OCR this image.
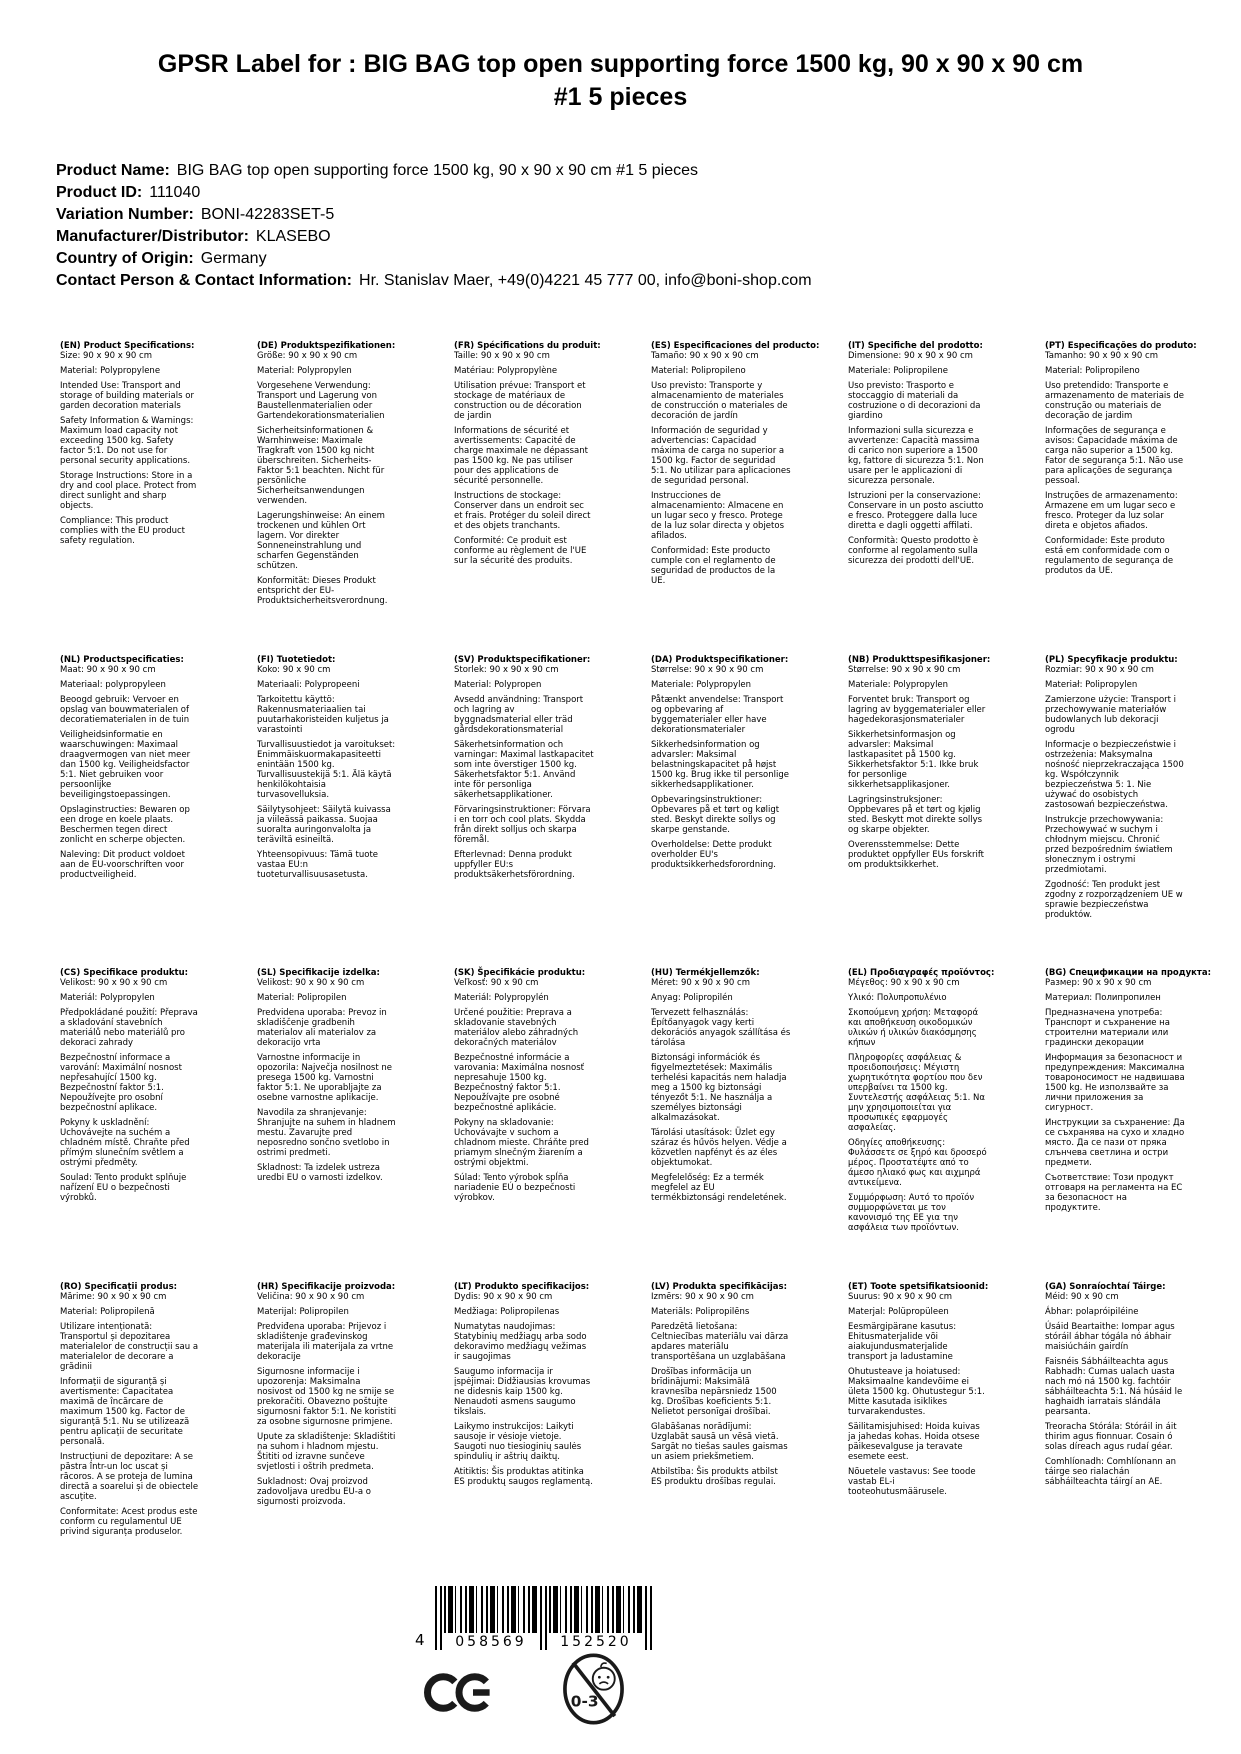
GPSR Label for : BIG BAG top open supporting force 1500 kg, 90 x 90 x 90 cm #1 5 pieces

Product Name: BIG BAG top open supporting force 1500 kg, 90 x 90 x 90 cm #1 5 pieces

Product ID: 111040

Variation Number: BONI-42283SET-5

Manufacturer/Distributor: KLASEBO

Country of Origin: Germany

Contact Person & Contact Information: Hr. Stanislav Maer, +49(0)4221 45 777 00, info@boni-shop.com

(EN) Product Specifications:

Size: 90 x 90 x 90 cm

Material: Polypropylene

Intended Use: Transport and storage of building materials or garden decoration materials

Safety Information & Warnings: Maximum load capacity not exceeding 1500 kg. Safety factor 5:1. Do not use for personal security applications.

Storage Instructions: Store in a dry and cool place. Protect from direct sunlight and sharp objects.

Compliance: This product complies with the EU product safety regulation.

(DE) Produktspezifikationen:

Größe: 90 x 90 x 90 cm

Material: Polypropylen

Vorgesehene Verwendung: Transport und Lagerung von Baustellenmaterialien oder Gartendekorationsmaterialien

Sicherheitsinformationen & Warnhinweise: Maximale Tragkraft von 1500 kg nicht überschreiten. Sicherheits-Faktor 5:1 beachten. Nicht für persönliche Sicherheitsanwendungen verwenden.

Lagerungshinweise: An einem trockenen und kühlen Ort lagern. Vor direkter Sonneneinstrahlung und scharfen Gegenständen schützen.

Konformität: Dieses Produkt entspricht der EU-Produktsicherheitsverordnung.

(FR) Spécifications du produit:

Taille: 90 x 90 x 90 cm

Matériau: Polypropylène

Utilisation prévue: Transport et stockage de matériaux de construction ou de décoration de jardin

Informations de sécurité et avertissements: Capacité de charge maximale ne dépassant pas 1500 kg. Ne pas utiliser pour des applications de sécurité personnelle.

Instructions de stockage: Conserver dans un endroit sec et frais. Protéger du soleil direct et des objets tranchants.

Conformité: Ce produit est conforme au règlement de l'UE sur la sécurité des produits.

(ES) Especificaciones del producto:

Tamaño: 90 x 90 x 90 cm

Material: Polipropileno

Uso previsto: Transporte y almacenamiento de materiales de construcción o materiales de decoración de jardín

Información de seguridad y advertencias: Capacidad máxima de carga no superior a 1500 kg. Factor de seguridad 5:1. No utilizar para aplicaciones de seguridad personal.

Instrucciones de almacenamiento: Almacene en un lugar seco y fresco. Protege de la luz solar directa y objetos afilados.

Conformidad: Este producto cumple con el reglamento de seguridad de productos de la UE.

(IT) Specifiche del prodotto:

Dimensione: 90 x 90 x 90 cm

Materiale: Polipropilene

Uso previsto: Trasporto e stoccaggio di materiali da costruzione o di decorazioni da giardino

Informazioni sulla sicurezza e avvertenze: Capacità massima di carico non superiore a 1500 kg, fattore di sicurezza 5:1. Non usare per le applicazioni di sicurezza personale.

Istruzioni per la conservazione: Conservare in un posto asciutto e fresco. Proteggere dalla luce diretta e dagli oggetti affilati.

Conformità: Questo prodotto è conforme al regolamento sulla sicurezza dei prodotti dell'UE.

(PT) Especificações do produto:

Tamanho: 90 x 90 x 90 cm

Material: Polipropileno

Uso pretendido: Transporte e armazenamento de materiais de construção ou materiais de decoração de jardim

Informações de segurança e avisos: Capacidade máxima de carga não superior a 1500 kg. Fator de segurança 5:1. Não use para aplicações de segurança pessoal.

Instruções de armazenamento: Armazene em um lugar seco e fresco. Proteger da luz solar direta e objetos afiados.

Conformidade: Este produto está em conformidade com o regulamento de segurança de produtos da UE.

(NL) Productspecificaties:

Maat: 90 x 90 x 90 cm

Materiaal: polypropyleen

Beoogd gebruik: Vervoer en opslag van bouwmaterialen of decoratiematerialen in de tuin

Veiligheidsinformatie en waarschuwingen: Maximaal draagvermogen van niet meer dan 1500 kg. Veiligheidsfactor 5:1. Niet gebruiken voor persoonlijke beveiligingstoepassingen.

Opslaginstructies: Bewaren op een droge en koele plaats. Beschermen tegen direct zonlicht en scherpe objecten.

Naleving: Dit product voldoet aan de EU-voorschriften voor productveiligheid.

(FI) Tuotetiedot:

Koko: 90 x 90 cm

Materiaali: Polypropeeni

Tarkoitettu käyttö: Rakennusmateriaalien tai puutarhakoristeiden kuljetus ja varastointi

Turvallisuustiedot ja varoitukset: Enimmäiskuormakapasiteetti enintään 1500 kg. Turvallisuustekijä 5:1. Älä käytä henkilökohtaisia turvasovelluksia.

Säilytysohjeet: Säilytä kuivassa ja viileässä paikassa. Suojaa suoralta auringonvalolta ja teräviltä esineiltä.

Yhteensopivuus: Tämä tuote vastaa EU:n tuoteturvallisuusasetusta.

(SV) Produktspecifikationer:

Storlek: 90 x 90 x 90 cm

Material: Polypropen

Avsedd användning: Transport och lagring av byggnadsmaterial eller träd gårdsdekorationsmaterial

Säkerhetsinformation och varningar: Maximal lastkapacitet som inte överstiger 1500 kg. Säkerhetsfaktor 5:1. Använd inte för personliga säkerhetsapplikationer.

Förvaringsinstruktioner: Förvara i en torr och cool plats. Skydda från direkt solljus och skarpa föremål.

Efterlevnad: Denna produkt uppfyller EU:s produktsäkerhetsförordning.

(DA) Produktspecifikationer:

Størrelse: 90 x 90 x 90 cm

Materiale: Polypropylen

Påtænkt anvendelse: Transport og opbevaring af byggematerialer eller have dekorationsmaterialer

Sikkerhedsinformation og advarsler: Maksimal belastningskapacitet på højst 1500 kg. Brug ikke til personlige sikkerhedsapplikationer.

Opbevaringsinstruktioner: Opbevares på et tørt og køligt sted. Beskyt direkte sollys og skarpe genstande.

Overholdelse: Dette produkt overholder EU's produktsikkerhedsforordning.

(NB) Produkttspesifikasjoner:

Størrelse: 90 x 90 x 90 cm

Materiale: Polypropylen

Forventet bruk: Transport og lagring av byggematerialer eller hagedekorasjonsmaterialer

Sikkerhetsinformasjon og advarsler: Maksimal lastkapasitet på 1500 kg. Sikkerhetsfaktor 5:1. Ikke bruk for personlige sikkerhetsapplikasjoner.

Lagringsinstruksjoner: Oppbevares på et tørt og kjølig sted. Beskytt mot direkte sollys og skarpe objekter.

Overensstemmelse: Dette produktet oppfyller EUs forskrift om produktsikkerhet.

(PL) Specyfikacje produktu:

Rozmiar: 90 x 90 x 90 cm

Materiał: Polipropylen

Zamierzone użycie: Transport i przechowywanie materiałów budowlanych lub dekoracji ogrodu

Informacje o bezpieczeństwie i ostrzeżenia: Maksymalna nośność nieprzekraczająca 1500 kg. Współczynnik bezpieczeństwa 5: 1. Nie używać do osobistych zastosowań bezpieczeństwa.

Instrukcje przechowywania: Przechowywać w suchym i chłodnym miejscu. Chronić przed bezpośrednim światłem słonecznym i ostrymi przedmiotami.

Zgodność: Ten produkt jest zgodny z rozporządzeniem UE w sprawie bezpieczeństwa produktów.

(CS) Specifikace produktu:

Velikost: 90 x 90 x 90 cm

Materiál: Polypropylen

Předpokládané použití: Přeprava a skladování stavebních materiálů nebo materiálů pro dekoraci zahrady

Bezpečnostní informace a varování: Maximální nosnost nepřesahující 1500 kg. Bezpečnostní faktor 5:1. Nepoužívejte pro osobní bezpečnostní aplikace.

Pokyny k uskladnění: Uchovávejte na suchém a chladném místě. Chraňte před přímým slunečním světlem a ostrými předměty.

Soulad: Tento produkt splňuje nařízení EU o bezpečnosti výrobků.

(SL) Specifikacije izdelka:

Velikost: 90 x 90 x 90 cm

Material: Polipropilen

Predvidena uporaba: Prevoz in skladiščenje gradbenih materialov ali materialov za dekoracijo vrta

Varnostne informacije in opozorila: Največja nosilnost ne presega 1500 kg. Varnostni faktor 5:1. Ne uporabljajte za osebne varnostne aplikacije.

Navodila za shranjevanje: Shranjujte na suhem in hladnem mestu. Zavarujte pred neposredno sončno svetlobo in ostrimi predmeti.

Skladnost: Ta izdelek ustreza uredbi EU o varnosti izdelkov.

(SK) Špecifikácie produktu:

Veľkosť: 90 x 90 cm

Materiál: Polypropylén

Určené použitie: Preprava a skladovanie stavebných materiálov alebo záhradných dekoračných materiálov

Bezpečnostné informácie a varovania: Maximálna nosnosť nepresahuje 1500 kg. Bezpečnostný faktor 5:1. Nepoužívajte pre osobné bezpečnostné aplikácie.

Pokyny na skladovanie: Uchovávajte v suchom a chladnom mieste. Chráňte pred priamym slnečným žiarením a ostrými objektmi.

Súlad: Tento výrobok spĺňa nariadenie EÚ o bezpečnosti výrobkov.

(HU) Termékjellemzők:

Méret: 90 x 90 x 90 cm

Anyag: Polipropilén

Tervezett felhasználás: Építőanyagok vagy kerti dekorációs anyagok szállítása és tárolása

Biztonsági információk és figyelmeztetések: Maximális terhelési kapacitás nem haladja meg a 1500 kg biztonsági tényezőt 5:1. Ne használja a személyes biztonsági alkalmazásokat.

Tárolási utasítások: Üzlet egy száraz és hűvös helyen. Védje a közvetlen napfényt és az éles objektumokat.

Megfelelőség: Ez a termék megfelel az EU termékbiztonsági rendeletének.

(EL) Προδιαγραφές προϊόντος:

Μέγεθος: 90 x 90 x 90 cm

Υλικό: Πολυπροπυλένιο

Σκοπούμενη χρήση: Μεταφορά και αποθήκευση οικοδομικών υλικών ή υλικών διακόσμησης κήπων

Πληροφορίες ασφάλειας & προειδοποιήσεις: Μέγιστη χωρητικότητα φορτίου που δεν υπερβαίνει τα 1500 kg. Συντελεστής ασφάλειας 5:1. Να μην χρησιμοποιείται για προσωπικές εφαρμογές ασφαλείας.

Οδηγίες αποθήκευσης: Φυλάσσετε σε ξηρό και δροσερό μέρος. Προστατέψτε από το άμεσο ηλιακό φως και αιχμηρά αντικείμενα.

Συμμόρφωση: Αυτό το προϊόν συμμορφώνεται με τον κανονισμό της ΕΕ για την ασφάλεια των προϊόντων.

(BG) Спецификации на продукта:

Размер: 90 x 90 x 90 cm

Материал: Полипропилен

Предназначена употреба: Транспорт и съхранение на строителни материали или градински декорации

Информация за безопасност и предупреждения: Максимална товароносимост не надвишава 1500 kg. Не използвайте за лични приложения за сигурност.

Инструкции за съхранение: Да се съхранява на сухо и хладно място. Да се пази от пряка слънчева светлина и остри предмети.

Съответствие: Този продукт отговаря на регламента на ЕС за безопасност на продуктите.

(RO) Specificații produs:

Mărime: 90 x 90 x 90 cm

Material: Polipropilenă

Utilizare intenționată: Transportul și depozitarea materialelor de construcții sau a materialelor de decorare a grădinii

Informații de siguranță și avertismente: Capacitatea maximă de încărcare de maximum 1500 kg. Factor de siguranță 5:1. Nu se utilizează pentru aplicații de securitate personală.

Instrucțiuni de depozitare: A se păstra într-un loc uscat și răcoros. A se proteja de lumina directă a soarelui și de obiectele ascuțite.

Conformitate: Acest produs este conform cu regulamentul UE privind siguranța produselor.

(HR) Specifikacije proizvoda:

Veličina: 90 x 90 x 90 cm

Materijal: Polipropilen

Predviđena uporaba: Prijevoz i skladištenje građevinskog materijala ili materijala za vrtne dekoracije

Sigurnosne informacije i upozorenja: Maksimalna nosivost od 1500 kg ne smije se prekoračiti. Obavezno poštujte sigurnosni faktor 5:1. Ne koristiti za osobne sigurnosne primjene.

Upute za skladištenje: Skladištiti na suhom i hladnom mjestu. Štititi od izravne sunčeve svjetlosti i oštrih predmeta.

Sukladnost: Ovaj proizvod zadovoljava uredbu EU-a o sigurnosti proizvoda.

(LT) Produkto specifikacijos:

Dydis: 90 x 90 x 90 cm

Medžiaga: Polipropilenas

Numatytas naudojimas: Statybinių medžiagų arba sodo dekoravimo medžiagų vežimas ir saugojimas

Saugumo informacija ir įspėjimai: Didžiausias krovumas ne didesnis kaip 1500 kg. Nenaudoti asmens saugumo tikslais.

Laikymo instrukcijos: Laikyti sausoje ir vėsioje vietoje. Saugoti nuo tiesioginių saulės spindulių ir aštrių daiktų.

Atitiktis: Šis produktas atitinka ES produktų saugos reglamentą.

(LV) Produkta specifikācijas:

Izmērs: 90 x 90 x 90 cm

Materiāls: Polipropilēns

Paredzētā lietošana: Celtniecības materiālu vai dārza apdares materiālu transportēšana un uzglabāšana

Drošības informācija un brīdinājumi: Maksimālā kravnesība nepārsniedz 1500 kg. Drošības koeficients 5:1. Nelietot personīgai drošībai.

Glabāšanas norādījumi: Uzglabāt sausā un vēsā vietā. Sargāt no tiešas saules gaismas un asiem priekšmetiem.

Atbilstība: Šis produkts atbilst ES produktu drošības regulai.

(ET) Toote spetsifikatsioonid:

Suurus: 90 x 90 x 90 cm

Materjal: Polüpropüleen

Eesmärgipärane kasutus: Ehitusmaterjalide või aiakujundusmaterjalide transport ja ladustamine

Ohutusteave ja hoiatused: Maksimaalne kandevõime ei ületa 1500 kg. Ohutustegur 5:1. Mitte kasutada isiklikes turvarakendustes.

Säilitamisjuhised: Hoida kuivas ja jahedas kohas. Hoida otsese päikesevalguse ja teravate esemete eest.

Nõuetele vastavus: See toode vastab EL-i tooteohutusmäärusele.

(GA) Sonraíochtaí Táirge:

Méid: 90 x 90 cm

Ábhar: polapróipiléine

Úsáid Beartaithe: Iompar agus stóráil ábhar tógála nó ábhair maisiúcháin gairdín

Faisnéis Sábháilteachta agus Rabhadh: Cumas ualach uasta nach mó ná 1500 kg. fachtóir sábháilteachta 5:1. Ná húsáid le haghaidh iarratais slándála pearsanta.

Treoracha Stórála: Stóráil in áit thirim agus fionnuar. Cosain ó solas díreach agus rudaí géar.

Comhlíonadh: Comhlíonann an táirge seo rialachán sábháilteachta táirgí an AE.

4	058569	152520
0-3
